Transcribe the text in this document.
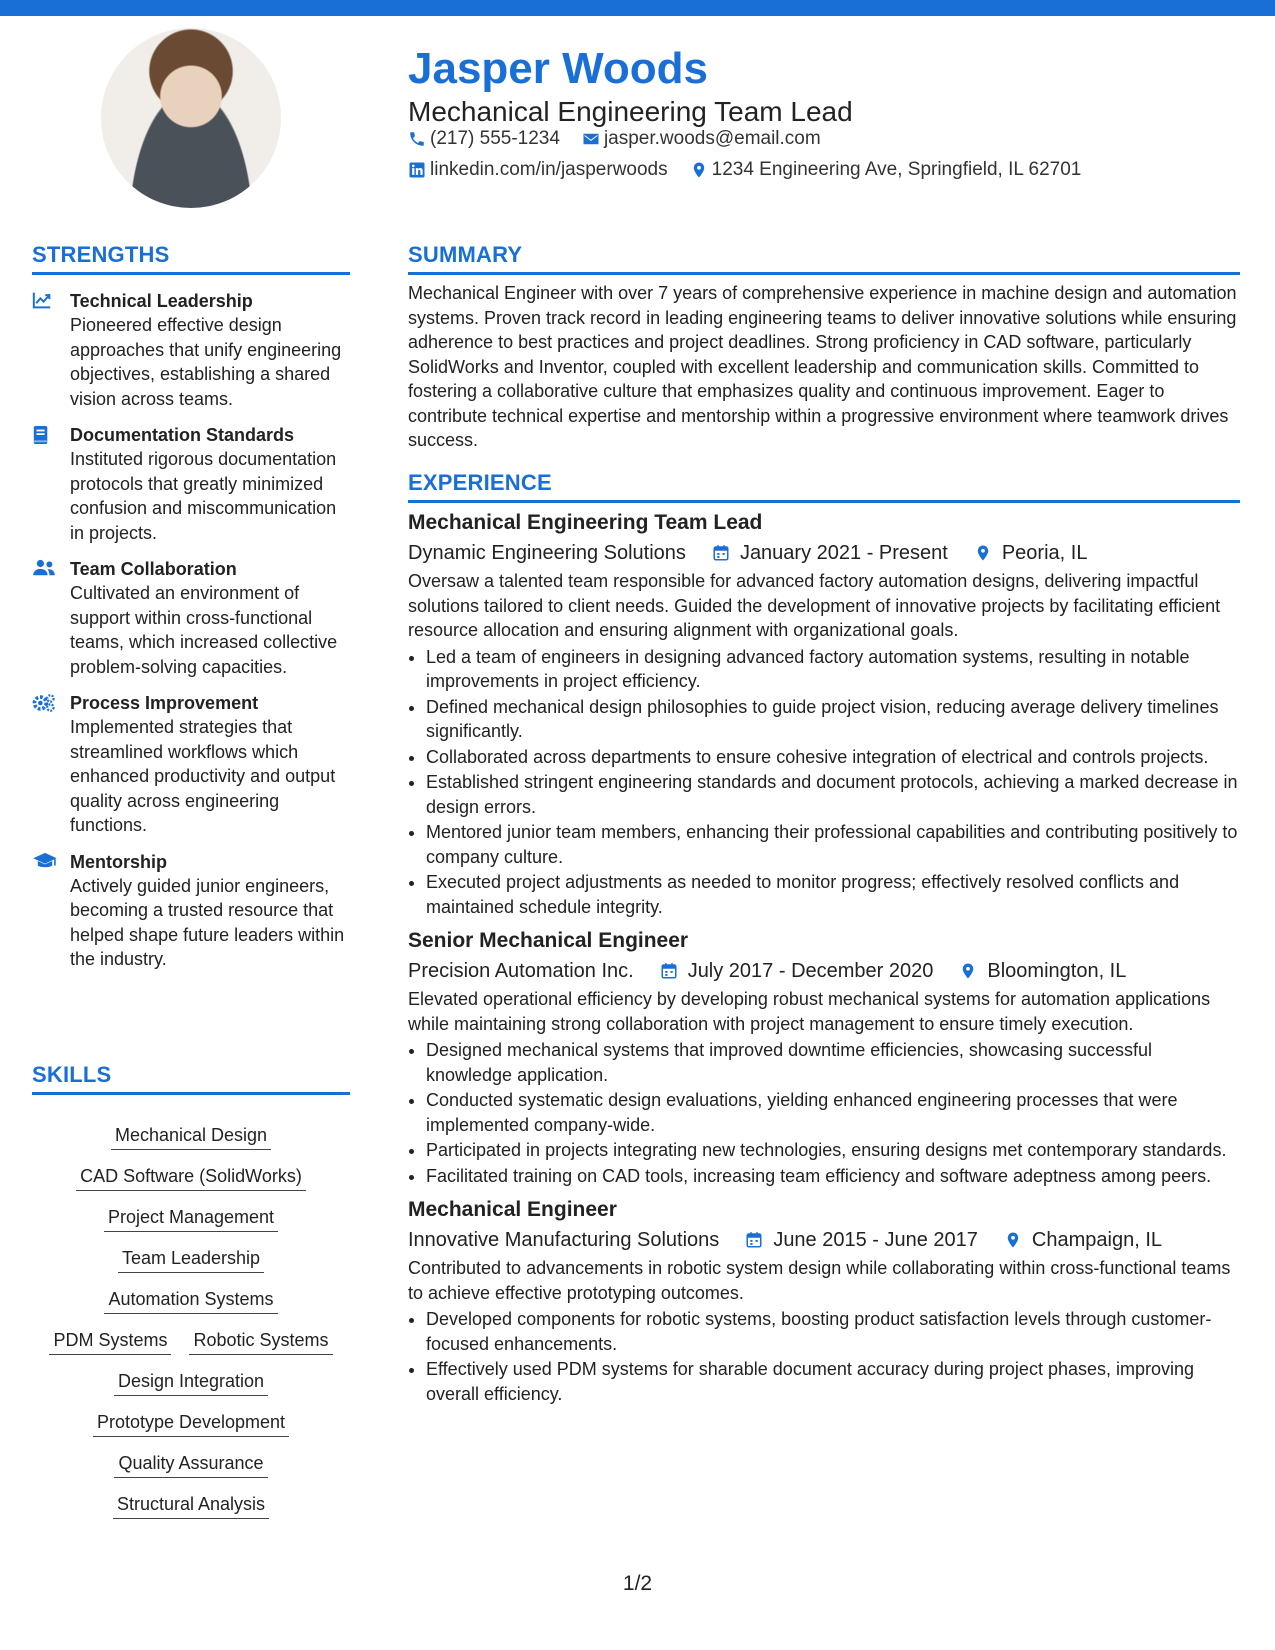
Jasper Woods
Mechanical Engineering Team Lead
(217) 555-1234 jasper.woods@email.com
linkedin.com/in/jasperwoods 1234 Engineering Ave, Springfield, IL 62701
STRENGTHS
Technical Leadership
Pioneered effective design approaches that unify engineering objectives, establishing a shared vision across teams.
Documentation Standards
Instituted rigorous documentation protocols that greatly minimized confusion and miscommunication in projects.
Team Collaboration
Cultivated an environment of support within cross-functional teams, which increased collective problem-solving capacities.
Process Improvement
Implemented strategies that streamlined workflows which enhanced productivity and output quality across engineering functions.
Mentorship
Actively guided junior engineers, becoming a trusted resource that helped shape future leaders within the industry.
SKILLS
Mechanical Design
CAD Software (SolidWorks)
Project Management
Team Leadership
Automation Systems
PDM Systems Robotic Systems
Design Integration
Prototype Development
Quality Assurance
Structural Analysis
SUMMARY

Mechanical Engineer with over 7 years of comprehensive experience in machine design and automation systems. Proven track record in leading engineering teams to deliver innovative solutions while ensuring adherence to best practices and project deadlines. Strong proficiency in CAD software, particularly SolidWorks and Inventor, coupled with excellent leadership and communication skills. Committed to fostering a collaborative culture that emphasizes quality and continuous improvement. Eager to contribute technical expertise and mentorship within a progressive environment where teamwork drives success.

EXPERIENCE
Mechanical Engineering Team Lead
Dynamic Engineering Solutions	January 2021 - Present	Peoria, IL

Oversaw a talented team responsible for advanced factory automation designs, delivering impactful solutions tailored to client needs. Guided the development of innovative projects by facilitating efficient resource allocation and ensuring alignment with organizational goals.

• Led a team of engineers in designing advanced factory automation systems, resulting in notable improvements in project efficiency.
• Defined mechanical design philosophies to guide project vision, reducing average delivery timelines significantly.
• Collaborated across departments to ensure cohesive integration of electrical and controls projects.
• Established stringent engineering standards and document protocols, achieving a marked decrease in design errors.
• Mentored junior team members, enhancing their professional capabilities and contributing positively to company culture.
• Executed project adjustments as needed to monitor progress; effectively resolved conflicts and maintained schedule integrity.
Senior Mechanical Engineer
Precision Automation Inc.	July 2017 - December 2020	Bloomington, IL

Elevated operational efficiency by developing robust mechanical systems for automation applications while maintaining strong collaboration with project management to ensure timely execution.

• Designed mechanical systems that improved downtime efficiencies, showcasing successful knowledge application.
• Conducted systematic design evaluations, yielding enhanced engineering processes that were implemented company-wide.
• Participated in projects integrating new technologies, ensuring designs met contemporary standards.
• Facilitated training on CAD tools, increasing team efficiency and software adeptness among peers.
Mechanical Engineer
Innovative Manufacturing Solutions	June 2015 - June 2017	Champaign, IL

Contributed to advancements in robotic system design while collaborating within cross-functional teams to achieve effective prototyping outcomes.

• Developed components for robotic systems, boosting product satisfaction levels through customer-focused enhancements.
• Effectively used PDM systems for sharable document accuracy during project phases, improving overall efficiency.
1/2
